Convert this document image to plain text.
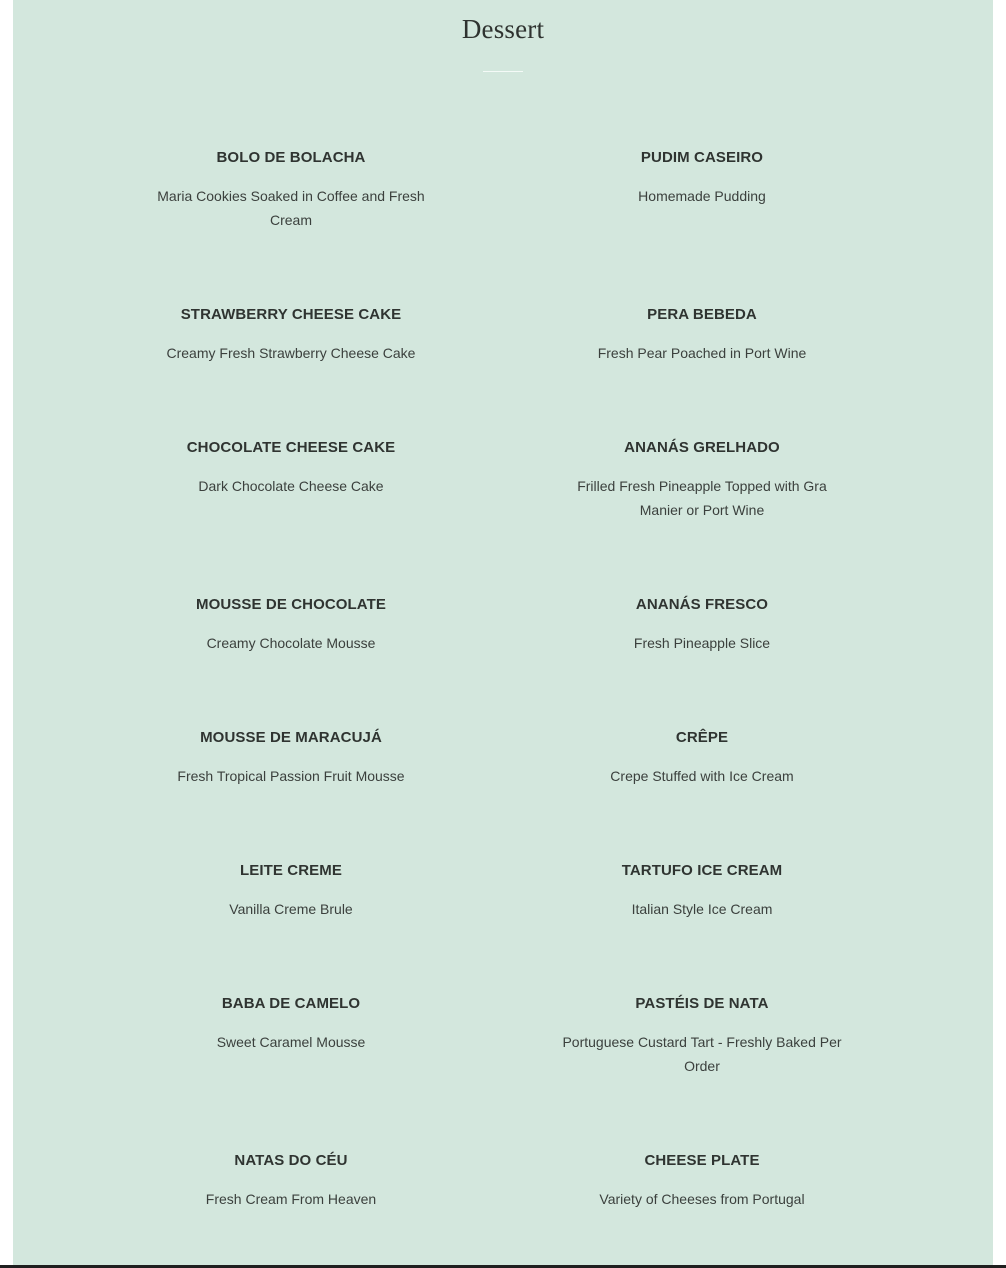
Dessert
BOLO DE BOLACHA
Maria Cookies Soaked in Coffee and Fresh Cream
STRAWBERRY CHEESE CAKE
Creamy Fresh Strawberry Cheese Cake
CHOCOLATE CHEESE CAKE
Dark Chocolate Cheese Cake
MOUSSE DE CHOCOLATE
Creamy Chocolate Mousse
MOUSSE DE MARACUJÁ
Fresh Tropical Passion Fruit Mousse
LEITE CREME
Vanilla Creme Brule
BABA DE CAMELO
Sweet Caramel Mousse
NATAS DO CÉU
Fresh Cream From Heaven
PUDIM CASEIRO
Homemade Pudding
PERA BEBEDA
Fresh Pear Poached in Port Wine
ANANÁS GRELHADO
Frilled Fresh Pineapple Topped with Gra Manier or Port Wine
ANANÁS FRESCO
Fresh Pineapple Slice
CRÊPE
Crepe Stuffed with Ice Cream
TARTUFO ICE CREAM
Italian Style Ice Cream
PASTÉIS DE NATA
Portuguese Custard Tart - Freshly Baked Per Order
CHEESE PLATE
Variety of Cheeses from Portugal
